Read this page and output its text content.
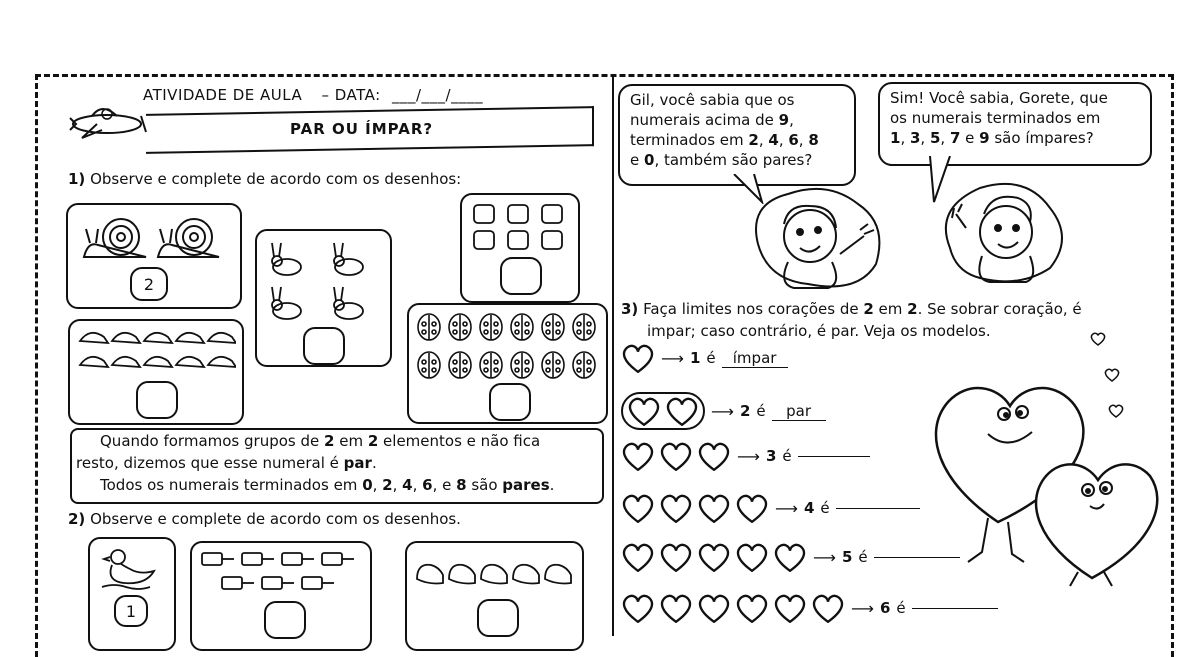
ATIVIDADE DE AULA – DATA: ___/___/____
PAR OU ÍMPAR?
1) Observe e complete de acordo com os desenhos:
2
Quando formamos grupos de 2 em 2 elementos e não fica
resto, dizemos que esse numeral é par.
Todos os numerais terminados em 0, 2, 4, 6, e 8 são pares.
2) Observe e complete de acordo com os desenhos.
1
Gil, você sabia que os
numerais acima de 9,
terminados em 2, 4, 6, 8
e 0, também são pares?
Sim! Você sabia, Gorete, que
os numerais terminados em
1, 3, 5, 7 e 9 são ímpares?
3) Faça limites nos corações de 2 em 2. Se sobrar coração, é
impar; caso contrário, é par. Veja os modelos.
⟶ 1 é	ímpar
⟶ 2 é	par
⟶ 3 é
⟶ 4 é
⟶ 5 é
⟶ 6 é
